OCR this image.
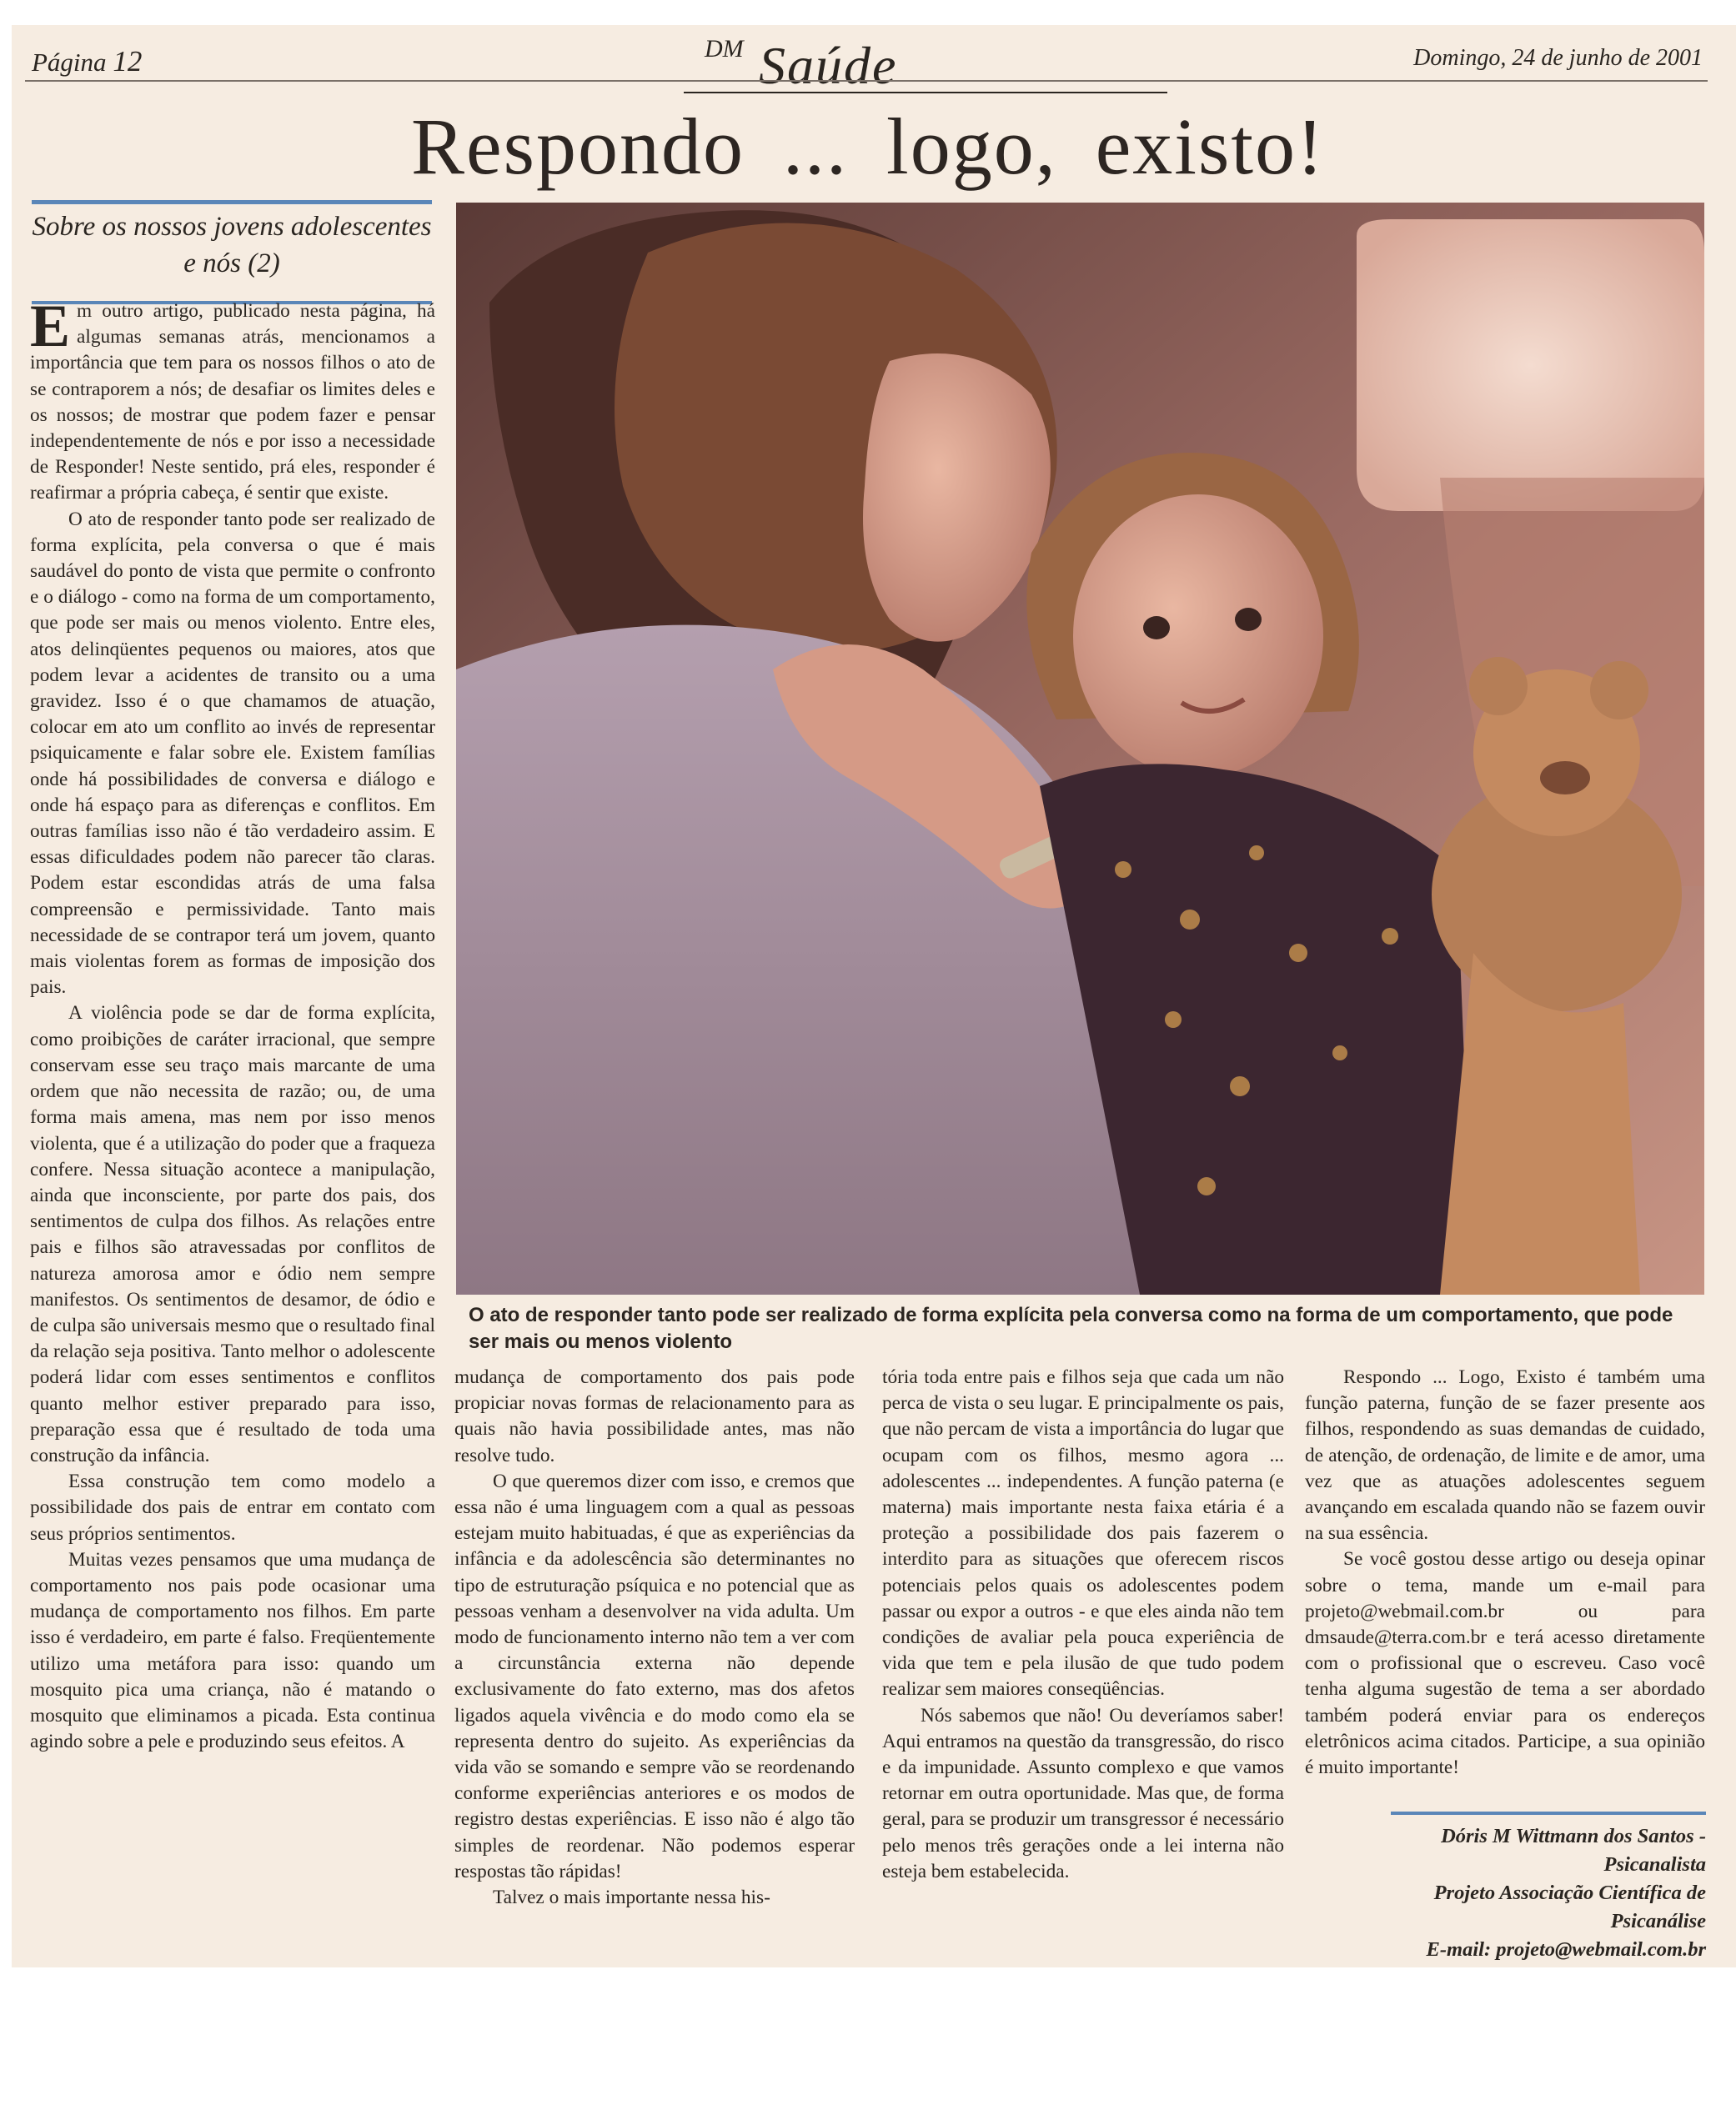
Página 12	DM Saúde	Domingo, 24 de junho de 2001
Respondo ... logo, existo!
Sobre os nossos jovens adolescentes e nós (2)
O ato de responder tanto pode ser realizado de forma explícita pela conversa como na forma de um comportamento, que pode ser mais ou menos violento

Em outro artigo, publicado nesta página, há algumas semanas atrás, mencionamos a importância que tem para os nossos filhos o ato de se contraporem a nós; de desafiar os limites deles e os nossos; de mostrar que podem fazer e pensar independentemente de nós e por isso a necessidade de Responder! Neste sentido, prá eles, responder é reafirmar a própria cabeça, é sentir que existe.

O ato de responder tanto pode ser realizado de forma explícita, pela conversa o que é mais saudável do ponto de vista que permite o confronto e o diálogo - como na forma de um comportamento, que pode ser mais ou menos violento. Entre eles, atos delinqüentes pequenos ou maiores, atos que podem levar a acidentes de transito ou a uma gravidez. Isso é o que chamamos de atuação, colocar em ato um conflito ao invés de representar psiquicamente e falar sobre ele. Existem famílias onde há possibilidades de conversa e diálogo e onde há espaço para as diferenças e conflitos. Em outras famílias isso não é tão verdadeiro assim. E essas dificuldades podem não parecer tão claras. Podem estar escondidas atrás de uma falsa compreensão e permissividade. Tanto mais necessidade de se contrapor terá um jovem, quanto mais violentas forem as formas de imposição dos pais.

A violência pode se dar de forma explícita, como proibições de caráter irracional, que sempre conservam esse seu traço mais marcante de uma ordem que não necessita de razão; ou, de uma forma mais amena, mas nem por isso menos violenta, que é a utilização do poder que a fraqueza confere. Nessa situação acontece a manipulação, ainda que inconsciente, por parte dos pais, dos sentimentos de culpa dos filhos. As relações entre pais e filhos são atravessadas por conflitos de natureza amorosa amor e ódio nem sempre manifestos. Os sentimentos de desamor, de ódio e de culpa são universais mesmo que o resultado final da relação seja positiva. Tanto melhor o adolescente poderá lidar com esses sentimentos e conflitos quanto melhor estiver preparado para isso, preparação essa que é resultado de toda uma construção da infância.

Essa construção tem como modelo a possibilidade dos pais de entrar em contato com seus próprios sentimentos.

Muitas vezes pensamos que uma mudança de comportamento nos pais pode ocasionar uma mudança de comportamento nos filhos. Em parte isso é verdadeiro, em parte é falso. Freqüentemente utilizo uma metáfora para isso: quando um mosquito pica uma criança, não é matando o mosquito que eliminamos a picada. Esta continua agindo sobre a pele e produzindo seus efeitos. A

mudança de comportamento dos pais pode propiciar novas formas de relacionamento para as quais não havia possibilidade antes, mas não resolve tudo.

O que queremos dizer com isso, e cremos que essa não é uma linguagem com a qual as pessoas estejam muito habituadas, é que as experiências da infância e da adolescência são determinantes no tipo de estruturação psíquica e no potencial que as pessoas venham a desenvolver na vida adulta. Um modo de funcionamento interno não tem a ver com a circunstância externa não depende exclusivamente do fato externo, mas dos afetos ligados aquela vivência e do modo como ela se representa dentro do sujeito. As experiências da vida vão se somando e sempre vão se reordenando conforme experiências anteriores e os modos de registro destas experiências. E isso não é algo tão simples de reordenar. Não podemos esperar respostas tão rápidas!

Talvez o mais importante nessa his-

tória toda entre pais e filhos seja que cada um não perca de vista o seu lugar. E principalmente os pais, que não percam de vista a importância do lugar que ocupam com os filhos, mesmo agora ... adolescentes ... independentes. A função paterna (e materna) mais importante nesta faixa etária é a proteção a possibilidade dos pais fazerem o interdito para as situações que oferecem riscos potenciais pelos quais os adolescentes podem passar ou expor a outros - e que eles ainda não tem condições de avaliar pela pouca experiência de vida que tem e pela ilusão de que tudo podem realizar sem maiores conseqüências.

Nós sabemos que não! Ou deveríamos saber! Aqui entramos na questão da transgressão, do risco e da impunidade. Assunto complexo e que vamos retornar em outra oportunidade. Mas que, de forma geral, para se produzir um transgressor é necessário pelo menos três gerações onde a lei interna não esteja bem estabelecida.

Respondo ... Logo, Existo é também uma função paterna, função de se fazer presente aos filhos, respondendo as suas demandas de cuidado, de atenção, de ordenação, de limite e de amor, uma vez que as atuações adolescentes seguem avançando em escalada quando não se fazem ouvir na sua essência.

Se você gostou desse artigo ou deseja opinar sobre o tema, mande um e-mail para projeto@webmail.com.br ou para dmsaude@terra.com.br e terá acesso diretamente com o profissional que o escreveu. Caso você tenha alguma sugestão de tema a ser abordado também poderá enviar para os endereços eletrônicos acima citados. Participe, a sua opinião é muito importante!

Dóris M Wittmann dos Santos -
Psicanalista
Projeto Associação Científica de
Psicanálise
E-mail: projeto@webmail.com.br
